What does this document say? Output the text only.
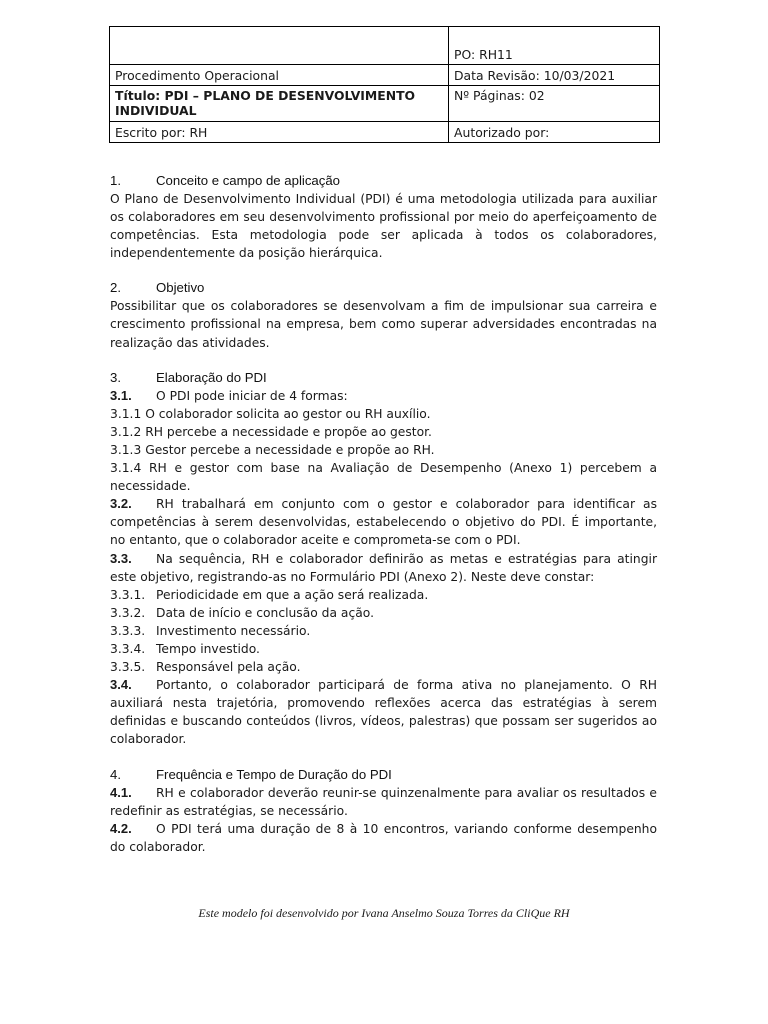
	PO: RH11
Procedimento Operacional	Data Revisão: 10/03/2021
Título: PDI – PLANO DE DESENVOLVIMENTO INDIVIDUAL	Nº Páginas: 02
Escrito por: RH	Autorizado por:
1.	Conceito e campo de aplicação

O Plano de Desenvolvimento Individual (PDI) é uma metodologia utilizada para auxiliar os colaboradores em seu desenvolvimento profissional por meio do aperfeiçoamento de competências. Esta metodologia pode ser aplicada à todos os colaboradores, independentemente da posição hierárquica.

2.	Objetivo

Possibilitar que os colaboradores se desenvolvam a fim de impulsionar sua carreira e crescimento profissional na empresa, bem como superar adversidades encontradas na realização das atividades.

3.	Elaboração do PDI

3.1. O PDI pode iniciar de 4 formas:

3.1.1 O colaborador solicita ao gestor ou RH auxílio.

3.1.2 RH percebe a necessidade e propõe ao gestor.

3.1.3 Gestor percebe a necessidade e propõe ao RH.

3.1.4 RH e gestor com base na Avaliação de Desempenho (Anexo 1) percebem a necessidade.

3.2. RH trabalhará em conjunto com o gestor e colaborador para identificar as competências à serem desenvolvidas, estabelecendo o objetivo do PDI. É importante, no entanto, que o colaborador aceite e comprometa-se com o PDI.

3.3. Na sequência, RH e colaborador definirão as metas e estratégias para atingir este objetivo, registrando-as no Formulário PDI (Anexo 2). Neste deve constar:

3.3.1. Periodicidade em que a ação será realizada.
3.3.2. Data de início e conclusão da ação.
3.3.3. Investimento necessário.
3.3.4. Tempo investido.
3.3.5. Responsável pela ação.

3.4. Portanto, o colaborador participará de forma ativa no planejamento. O RH auxiliará nesta trajetória, promovendo reflexões acerca das estratégias à serem definidas e buscando conteúdos (livros, vídeos, palestras) que possam ser sugeridos ao colaborador.

4.	Frequência e Tempo de Duração do PDI

4.1. RH e colaborador deverão reunir-se quinzenalmente para avaliar os resultados e redefinir as estratégias, se necessário.

4.2. O PDI terá uma duração de 8 à 10 encontros, variando conforme desempenho do colaborador.

Este modelo foi desenvolvido por Ivana Anselmo Souza Torres da CliQue RH
